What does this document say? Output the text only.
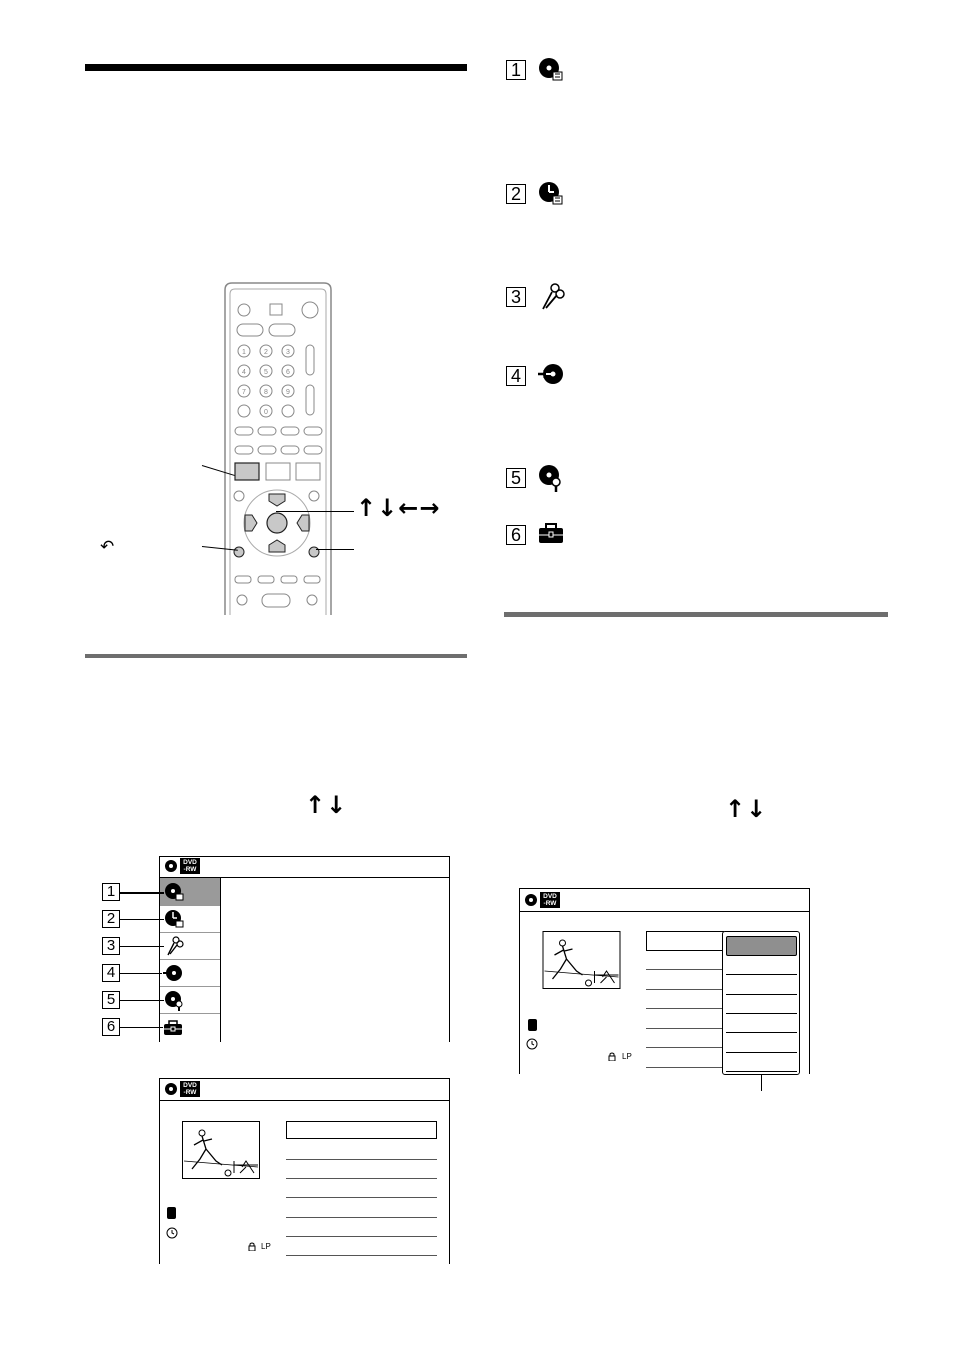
1	2	3
4	5	6
7	8	9
0
↑↓←→
↶
↑↓
DVD
-RW
1
2
3
4
5
6
DVD
-RW
LP
1
2
3
4
5
6
↑↓
DVD
-RW
LP
